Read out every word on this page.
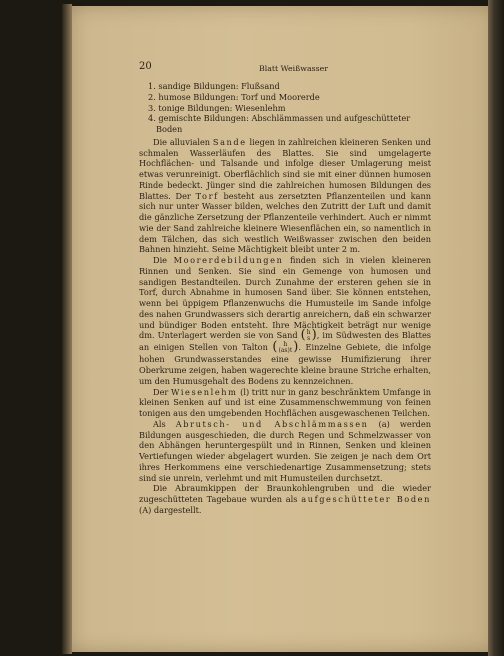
20	Blatt Weißwasser
1. sandige Bildungen: Flußsand
2. humose Bildungen: Torf und Moorerde
3. tonige Bildungen: Wiesenlehm
4. gemischte Bildungen: Abschlämmassen und aufgeschütteter
Boden

Die alluvialen Sande liegen in zahlreichen kleineren Senken und schmalen Wasserläufen des Blattes. Sie sind umgelagerte Hochflächen- und Talsande und infolge dieser Umlagerung meist etwas verunreinigt. Oberflächlich sind sie mit einer dünnen humosen Rinde bedeckt. Jünger sind die zahlreichen humosen Bildungen des Blattes. Der Torf besteht aus zersetzten Pflanzenteilen und kann sich nur unter Wasser bilden, welches den Zutritt der Luft und damit die gänzliche Zersetzung der Pflanzenteile verhindert. Auch er nimmt wie der Sand zahlreiche kleinere Wiesenflächen ein, so namentlich in dem Tälchen, das sich westlich Weißwasser zwischen den beiden Bahnen hinzieht. Seine Mächtigkeit bleibt unter 2 m.

Die Moorerdebildungen finden sich in vielen kleineren Rinnen und Senken. Sie sind ein Gemenge von humosen und sandigen Bestandteilen. Durch Zunahme der ersteren gehen sie in Torf, durch Abnahme in humosen Sand über. Sie können entstehen, wenn bei üppigem Pflanzenwuchs die Humusteile im Sande infolge des nahen Grundwassers sich derartig anreichern, daß ein schwarzer und bündiger Boden entsteht. Ihre Mächtigkeit beträgt nur wenige dm. Unterlagert werden sie von Sand ( h
s ), im Südwesten des Blattes an einigen Stellen von Talton ( h
(as)t ). Einzelne Gebiete, die infolge hohen Grundwasserstandes eine gewisse Humifizierung ihrer Oberkrume zeigen, haben wagerechte kleine braune Striche erhalten, um den Humusgehalt des Bodens zu kennzeichnen.

Der Wiesenlehm (l) tritt nur in ganz beschränktem Umfange in kleinen Senken auf und ist eine Zusammenschwemmung von feinen tonigen aus den umgebenden Hochflächen ausgewaschenen Teilchen.

Als Abrutsch- und Abschlämmassen (a) werden Bildungen ausgeschieden, die durch Regen und Schmelzwasser von den Abhängen heruntergespült und in Rinnen, Senken und kleinen Vertiefungen wieder abgelagert wurden. Sie zeigen je nach dem Ort ihres Herkommens eine verschiedenartige Zusammensetzung; stets sind sie unrein, verlehmt und mit Humusteilen durchsetzt.

Die Abraumkippen der Braunkohlengruben und die wieder zugeschütteten Tagebaue wurden als aufgeschütteter Boden (A) dargestellt.
